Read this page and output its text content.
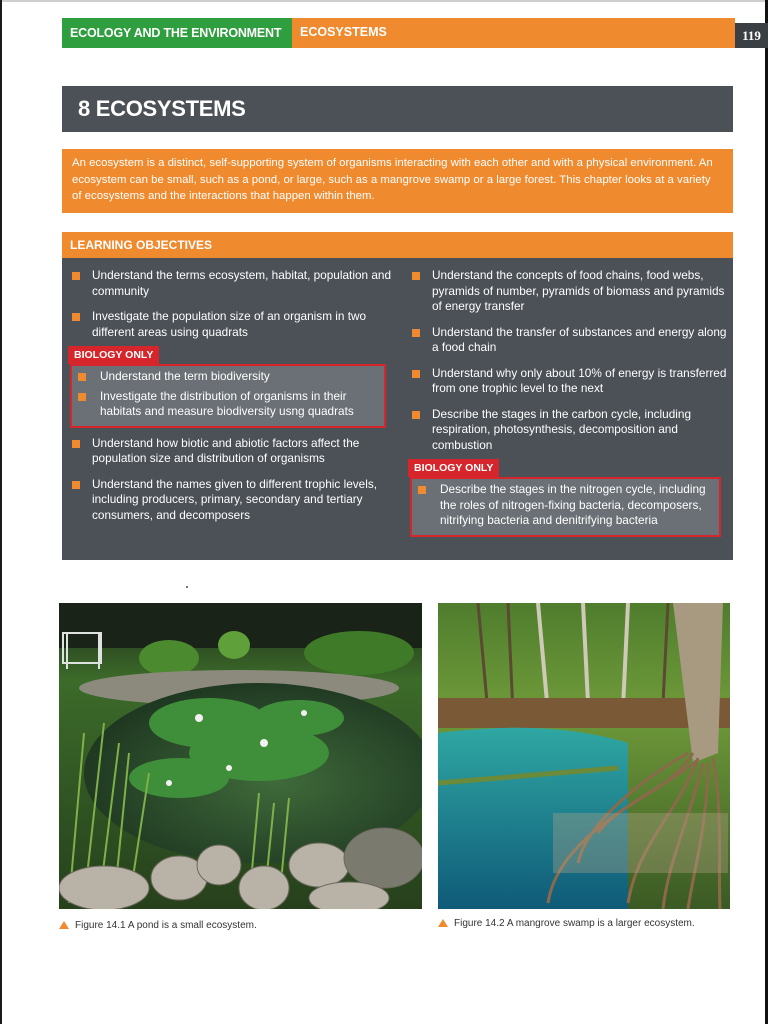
ECOLOGY AND THE ENVIRONMENT	ECOSYSTEMS	119
8 ECOSYSTEMS
An ecosystem is a distinct, self-supporting system of organisms interacting with each other and with a physical environment. An ecosystem can be small, such as a pond, or large, such as a mangrove swamp or a large forest. This chapter looks at a variety of ecosystems and the interactions that happen within them.
LEARNING OBJECTIVES
Understand the terms ecosystem, habitat, population and community
Investigate the population size of an organism in two different areas using quadrats
BIOLOGY ONLY
Understand the term biodiversity
Investigate the distribution of organisms in their habitats and measure biodiversity usng quadrats
Understand how biotic and abiotic factors affect the population size and distribution of organisms
Understand the names given to different trophic levels, including producers, primary, secondary and tertiary consumers, and decomposers
Understand the concepts of food chains, food webs, pyramids of number, pyramids of biomass and pyramids of energy transfer
Understand the transfer of substances and energy along a food chain
Understand why only about 10% of energy is transferred from one trophic level to the next
Describe the stages in the carbon cycle, including respiration, photosynthesis, decomposition and combustion
BIOLOGY ONLY
Describe the stages in the nitrogen cycle, including the roles of nitrogen-fixing bacteria, decomposers, nitrifying bacteria and denitrifying bacteria
Figure 14.1 A pond is a small ecosystem.	Figure 14.2 A mangrove swamp is a larger ecosystem.
